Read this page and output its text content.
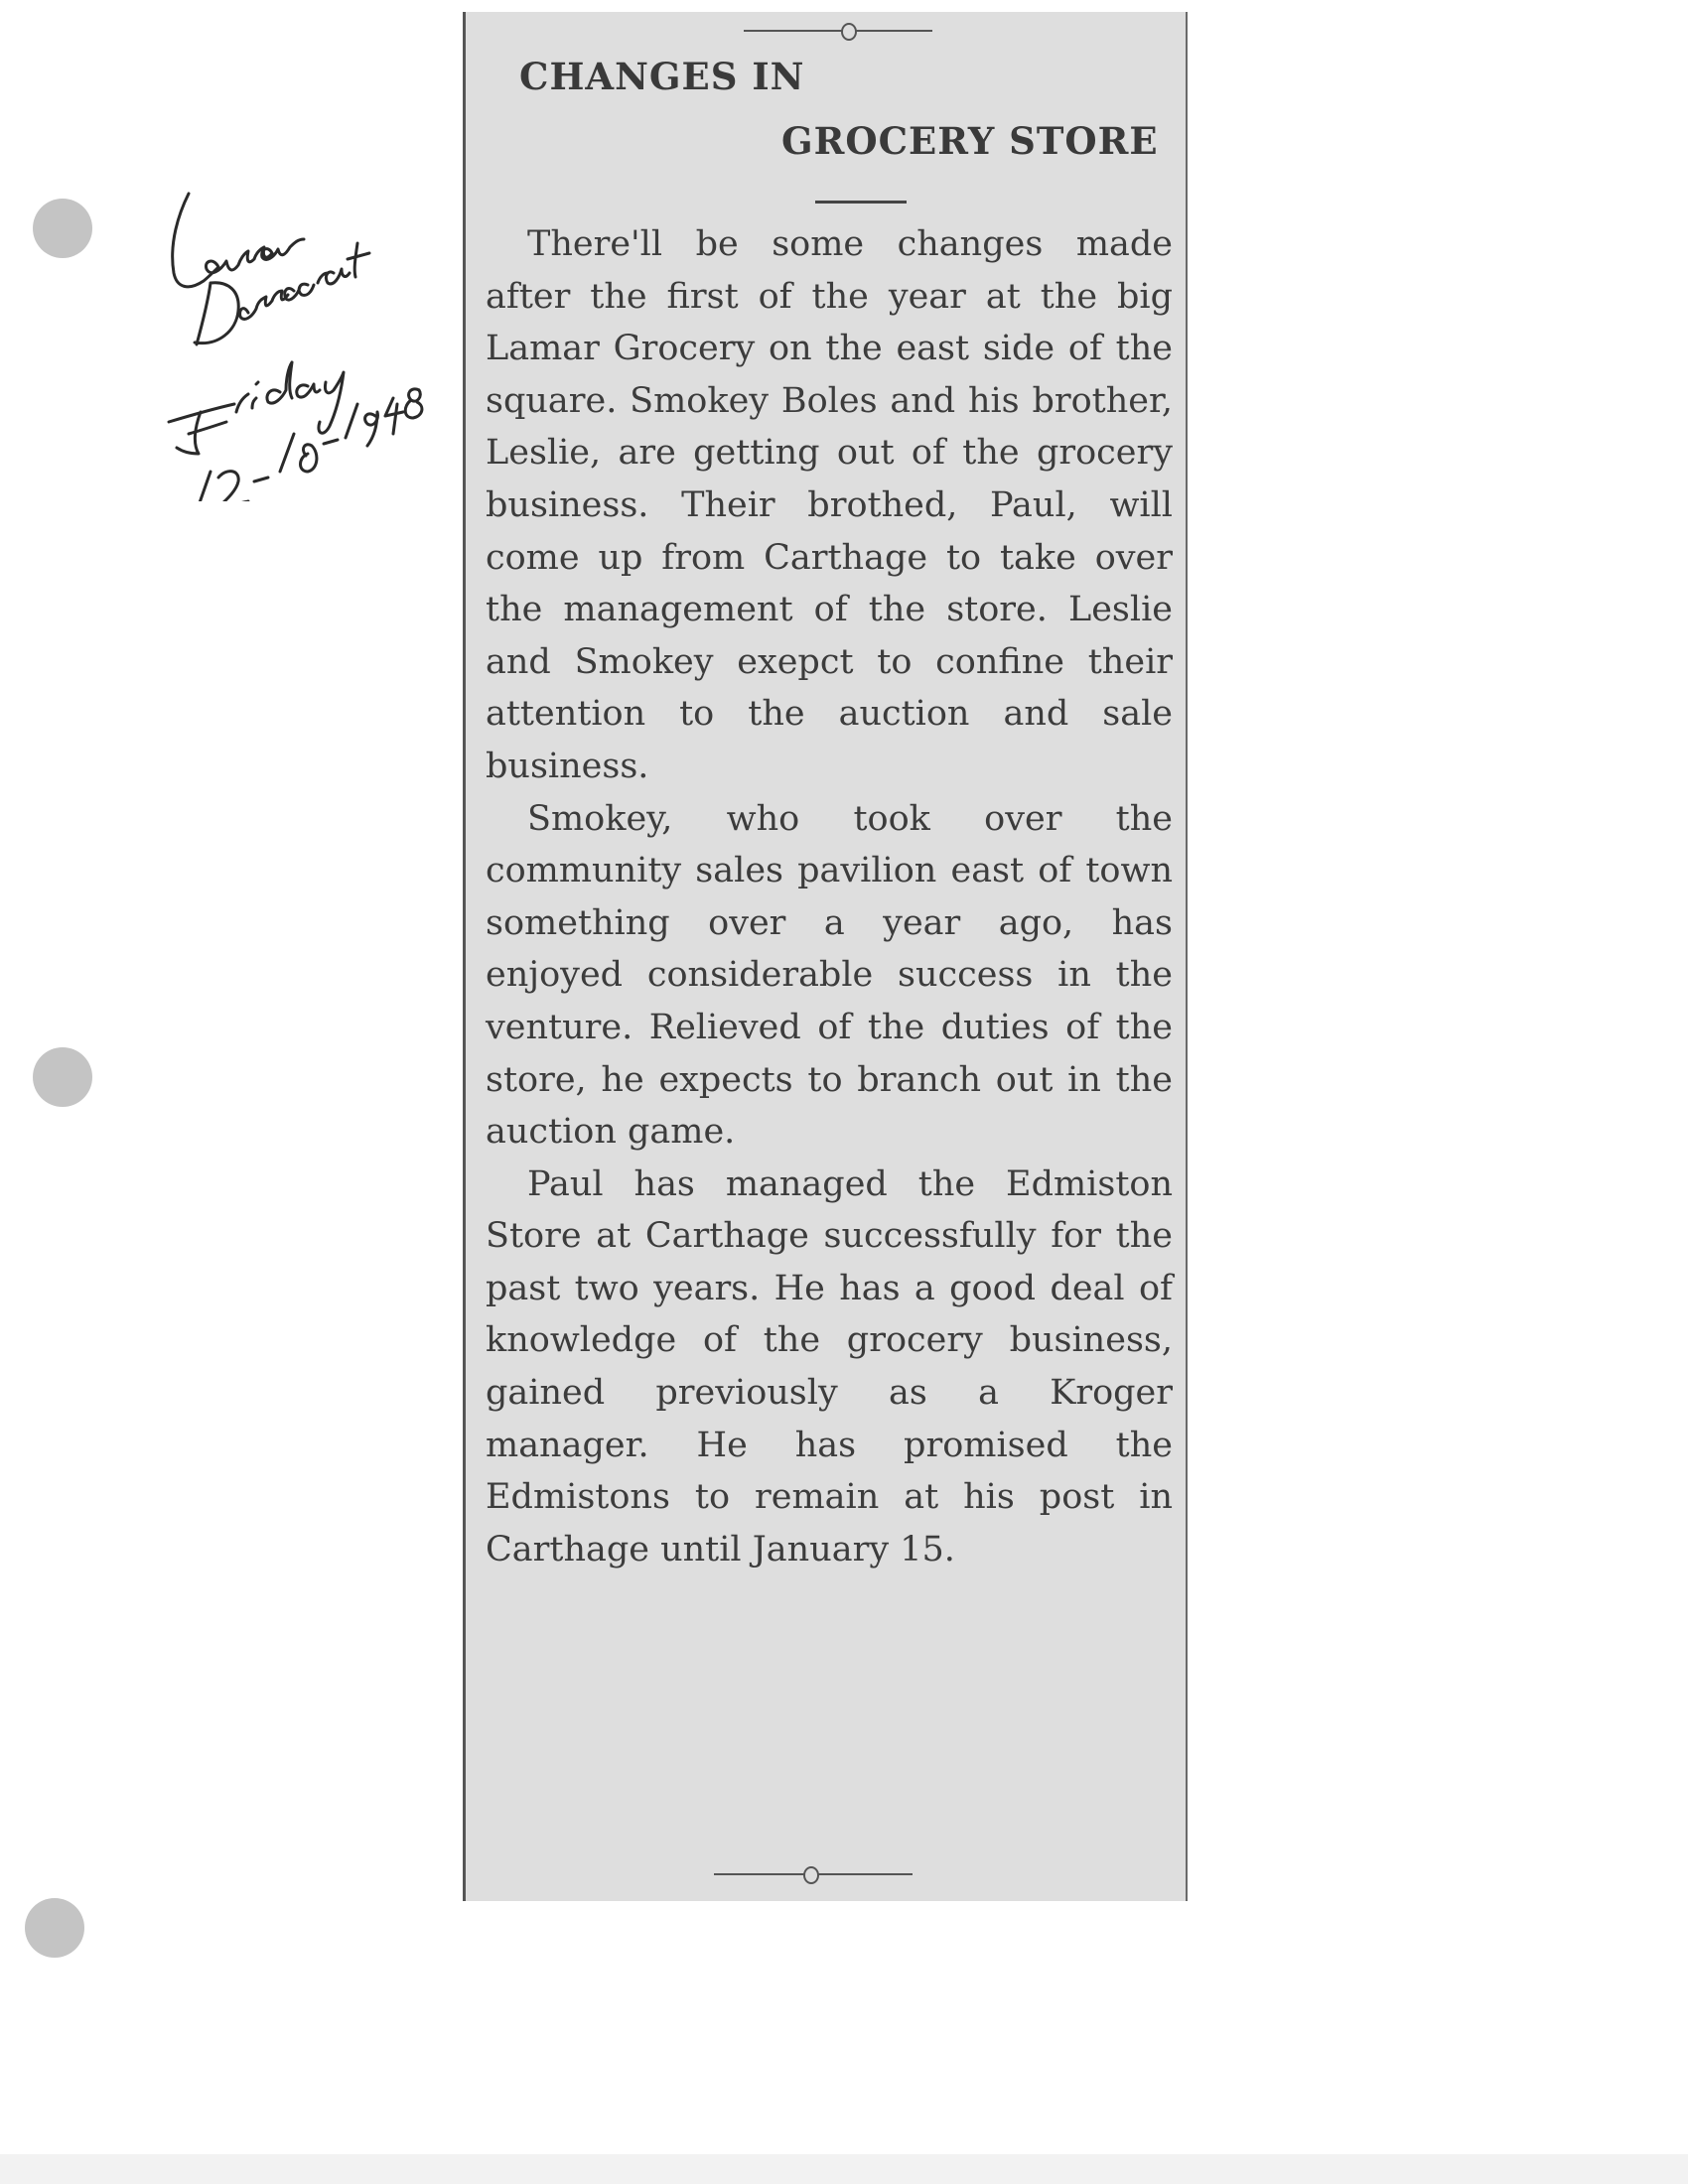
CHANGES IN
GROCERY STORE

There'll be some changes made after the first of the year at the big Lamar Grocery on the east side of the square. Smokey Boles and his brother, Leslie, are getting out of the grocery business. Their brothed, Paul, will come up from Carthage to take over the management of the store. Leslie and Smokey exepct to confine their attention to the auction and sale business.

Smokey, who took over the community sales pavilion east of town something over a year ago, has enjoyed considerable success in the venture. Relieved of the duties of the store, he expects to branch out in the auction game.

Paul has managed the Edmiston Store at Carthage successfully for the past two years. He has a good deal of knowledge of the grocery business, gained previously as a Kroger manager. He has promised the Edmistons to remain at his post in Carthage until January 15.
